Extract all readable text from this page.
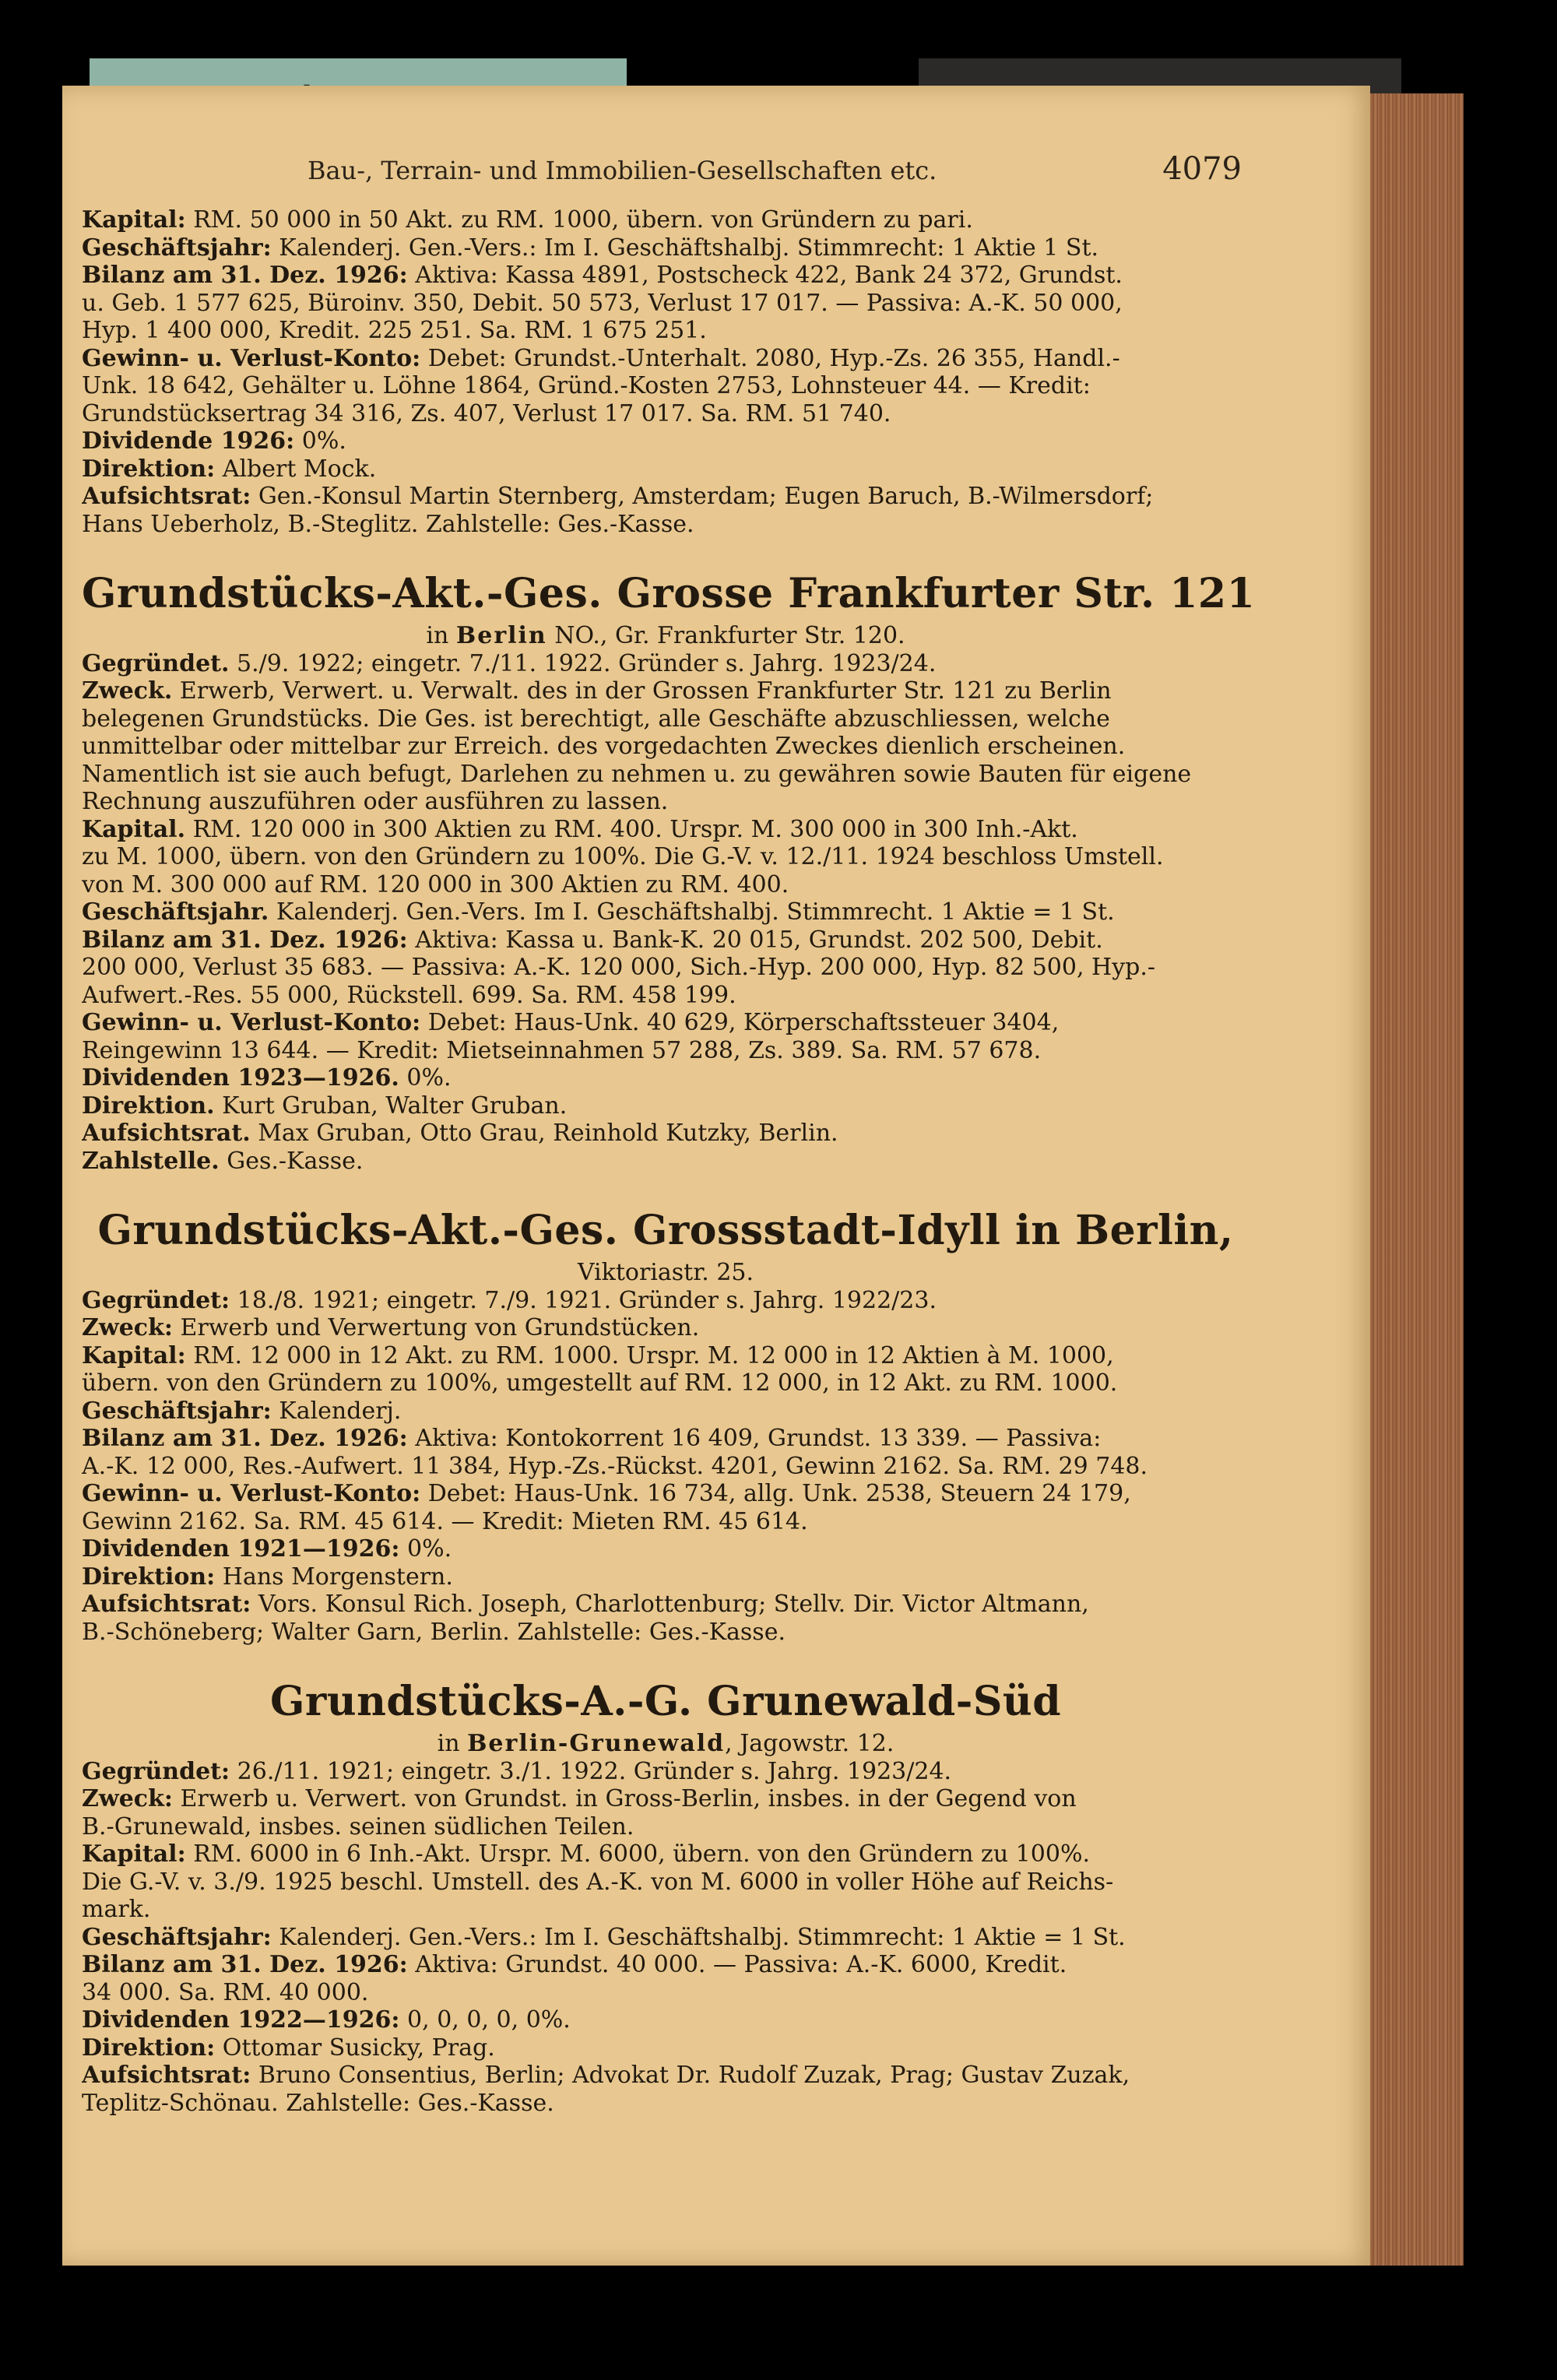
Bau-, Terrain- und Immobilien-Gesellschaften etc.	4079

Kapital: RM. 50 000 in 50 Akt. zu RM. 1000, übern. von Gründern zu pari.

Geschäftsjahr: Kalenderj. Gen.-Vers.: Im I. Geschäftshalbj. Stimmrecht: 1 Aktie 1 St.

Bilanz am 31. Dez. 1926: Aktiva: Kassa 4891, Postscheck 422, Bank 24 372, Grundst.

u. Geb. 1 577 625, Büroinv. 350, Debit. 50 573, Verlust 17 017. — Passiva: A.-K. 50 000,

Hyp. 1 400 000, Kredit. 225 251. Sa. RM. 1 675 251.

Gewinn- u. Verlust-Konto: Debet: Grundst.-Unterhalt. 2080, Hyp.-Zs. 26 355, Handl.-

Unk. 18 642, Gehälter u. Löhne 1864, Gründ.-Kosten 2753, Lohnsteuer 44. — Kredit:

Grundstücksertrag 34 316, Zs. 407, Verlust 17 017. Sa. RM. 51 740.

Dividende 1926: 0%.

Direktion: Albert Mock.

Aufsichtsrat: Gen.-Konsul Martin Sternberg, Amsterdam; Eugen Baruch, B.-Wilmersdorf;

Hans Ueberholz, B.-Steglitz. Zahlstelle: Ges.-Kasse.

Grundstücks-Akt.-Ges. Grosse Frankfurter Str. 121

in Berlin NO., Gr. Frankfurter Str. 120.

Gegründet. 5./9. 1922; eingetr. 7./11. 1922. Gründer s. Jahrg. 1923/24.

Zweck. Erwerb, Verwert. u. Verwalt. des in der Grossen Frankfurter Str. 121 zu Berlin

belegenen Grundstücks. Die Ges. ist berechtigt, alle Geschäfte abzuschliessen, welche

unmittelbar oder mittelbar zur Erreich. des vorgedachten Zweckes dienlich erscheinen.

Namentlich ist sie auch befugt, Darlehen zu nehmen u. zu gewähren sowie Bauten für eigene

Rechnung auszuführen oder ausführen zu lassen.

Kapital. RM. 120 000 in 300 Aktien zu RM. 400. Urspr. M. 300 000 in 300 Inh.-Akt.

zu M. 1000, übern. von den Gründern zu 100%. Die G.-V. v. 12./11. 1924 beschloss Umstell.

von M. 300 000 auf RM. 120 000 in 300 Aktien zu RM. 400.

Geschäftsjahr. Kalenderj. Gen.-Vers. Im I. Geschäftshalbj. Stimmrecht. 1 Aktie = 1 St.

Bilanz am 31. Dez. 1926: Aktiva: Kassa u. Bank-K. 20 015, Grundst. 202 500, Debit.

200 000, Verlust 35 683. — Passiva: A.-K. 120 000, Sich.-Hyp. 200 000, Hyp. 82 500, Hyp.-

Aufwert.-Res. 55 000, Rückstell. 699. Sa. RM. 458 199.

Gewinn- u. Verlust-Konto: Debet: Haus-Unk. 40 629, Körperschaftssteuer 3404,

Reingewinn 13 644. — Kredit: Mietseinnahmen 57 288, Zs. 389. Sa. RM. 57 678.

Dividenden 1923—1926. 0%.

Direktion. Kurt Gruban, Walter Gruban.

Aufsichtsrat. Max Gruban, Otto Grau, Reinhold Kutzky, Berlin.

Zahlstelle. Ges.-Kasse.

Grundstücks-Akt.-Ges. Grossstadt-Idyll in Berlin,

Viktoriastr. 25.

Gegründet: 18./8. 1921; eingetr. 7./9. 1921. Gründer s. Jahrg. 1922/23.

Zweck: Erwerb und Verwertung von Grundstücken.

Kapital: RM. 12 000 in 12 Akt. zu RM. 1000. Urspr. M. 12 000 in 12 Aktien à M. 1000,

übern. von den Gründern zu 100%, umgestellt auf RM. 12 000, in 12 Akt. zu RM. 1000.

Geschäftsjahr: Kalenderj.

Bilanz am 31. Dez. 1926: Aktiva: Kontokorrent 16 409, Grundst. 13 339. — Passiva:

A.-K. 12 000, Res.-Aufwert. 11 384, Hyp.-Zs.-Rückst. 4201, Gewinn 2162. Sa. RM. 29 748.

Gewinn- u. Verlust-Konto: Debet: Haus-Unk. 16 734, allg. Unk. 2538, Steuern 24 179,

Gewinn 2162. Sa. RM. 45 614. — Kredit: Mieten RM. 45 614.

Dividenden 1921—1926: 0%.

Direktion: Hans Morgenstern.

Aufsichtsrat: Vors. Konsul Rich. Joseph, Charlottenburg; Stellv. Dir. Victor Altmann,

B.-Schöneberg; Walter Garn, Berlin. Zahlstelle: Ges.-Kasse.

Grundstücks-A.-G. Grunewald-Süd

in Berlin-Grunewald, Jagowstr. 12.

Gegründet: 26./11. 1921; eingetr. 3./1. 1922. Gründer s. Jahrg. 1923/24.

Zweck: Erwerb u. Verwert. von Grundst. in Gross-Berlin, insbes. in der Gegend von

B.-Grunewald, insbes. seinen südlichen Teilen.

Kapital: RM. 6000 in 6 Inh.-Akt. Urspr. M. 6000, übern. von den Gründern zu 100%.

Die G.-V. v. 3./9. 1925 beschl. Umstell. des A.-K. von M. 6000 in voller Höhe auf Reichs-

mark.

Geschäftsjahr: Kalenderj. Gen.-Vers.: Im I. Geschäftshalbj. Stimmrecht: 1 Aktie = 1 St.

Bilanz am 31. Dez. 1926: Aktiva: Grundst. 40 000. — Passiva: A.-K. 6000, Kredit.

34 000. Sa. RM. 40 000.

Dividenden 1922—1926: 0, 0, 0, 0, 0%.

Direktion: Ottomar Susicky, Prag.

Aufsichtsrat: Bruno Consentius, Berlin; Advokat Dr. Rudolf Zuzak, Prag; Gustav Zuzak,

Teplitz-Schönau. Zahlstelle: Ges.-Kasse.
